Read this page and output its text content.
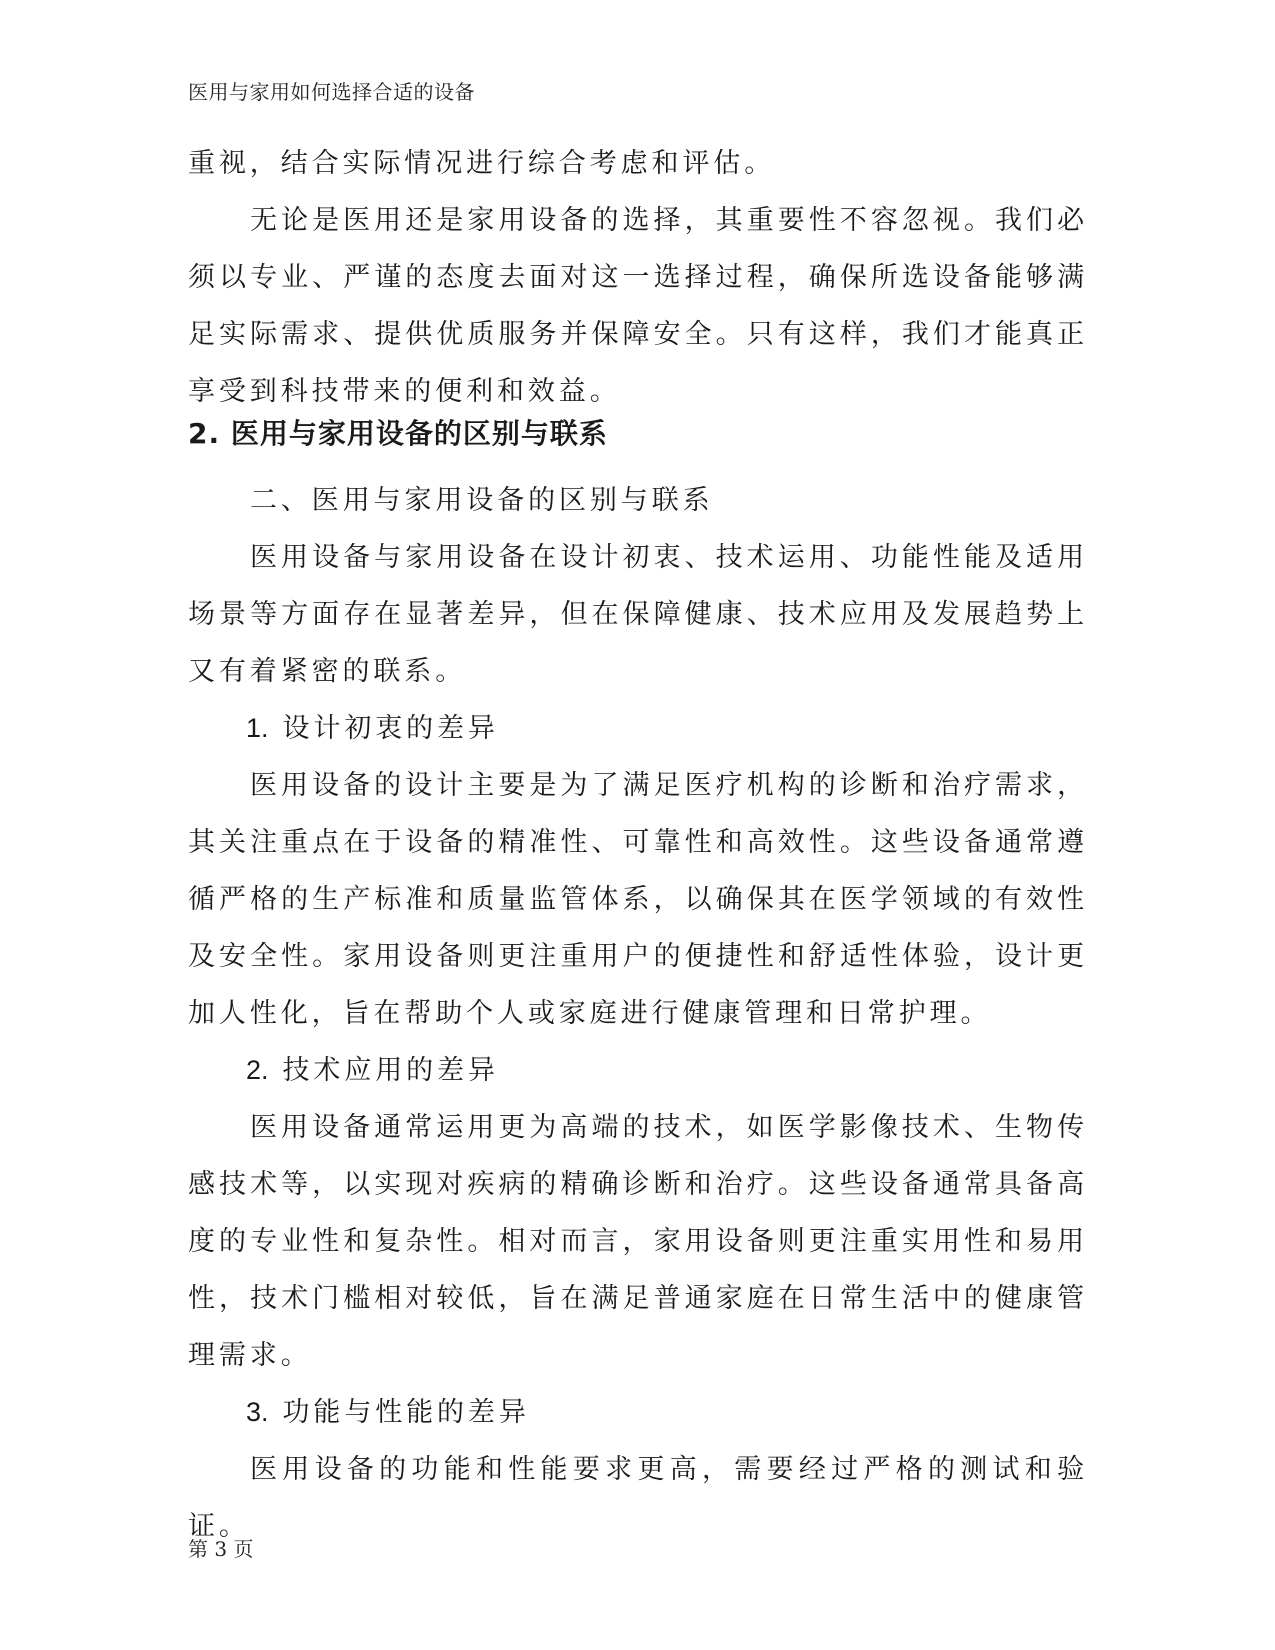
医用与家用如何选择合适的设备

重视，结合实际情况进行综合考虑和评估。

无论是医用还是家用设备的选择，其重要性不容忽视。我们必须以专业、严谨的态度去面对这一选择过程，确保所选设备能够满足实际需求、提供优质服务并保障安全。只有这样，我们才能真正享受到科技带来的便利和效益。

2. 医用与家用设备的区别与联系

二、医用与家用设备的区别与联系

医用设备与家用设备在设计初衷、技术运用、功能性能及适用场景等方面存在显著差异，但在保障健康、技术应用及发展趋势上又有着紧密的联系。

1. 设计初衷的差异

医用设备的设计主要是为了满足医疗机构的诊断和治疗需求，其关注重点在于设备的精准性、可靠性和高效性。这些设备通常遵循严格的生产标准和质量监管体系，以确保其在医学领域的有效性及安全性。家用设备则更注重用户的便捷性和舒适性体验，设计更加人性化，旨在帮助个人或家庭进行健康管理和日常护理。

2. 技术应用的差异

医用设备通常运用更为高端的技术，如医学影像技术、生物传感技术等，以实现对疾病的精确诊断和治疗。这些设备通常具备高度的专业性和复杂性。相对而言，家用设备则更注重实用性和易用性，技术门槛相对较低，旨在满足普通家庭在日常生活中的健康管理需求。

3. 功能与性能的差异

医用设备的功能和性能要求更高，需要经过严格的测试和验证。

第 3 页
